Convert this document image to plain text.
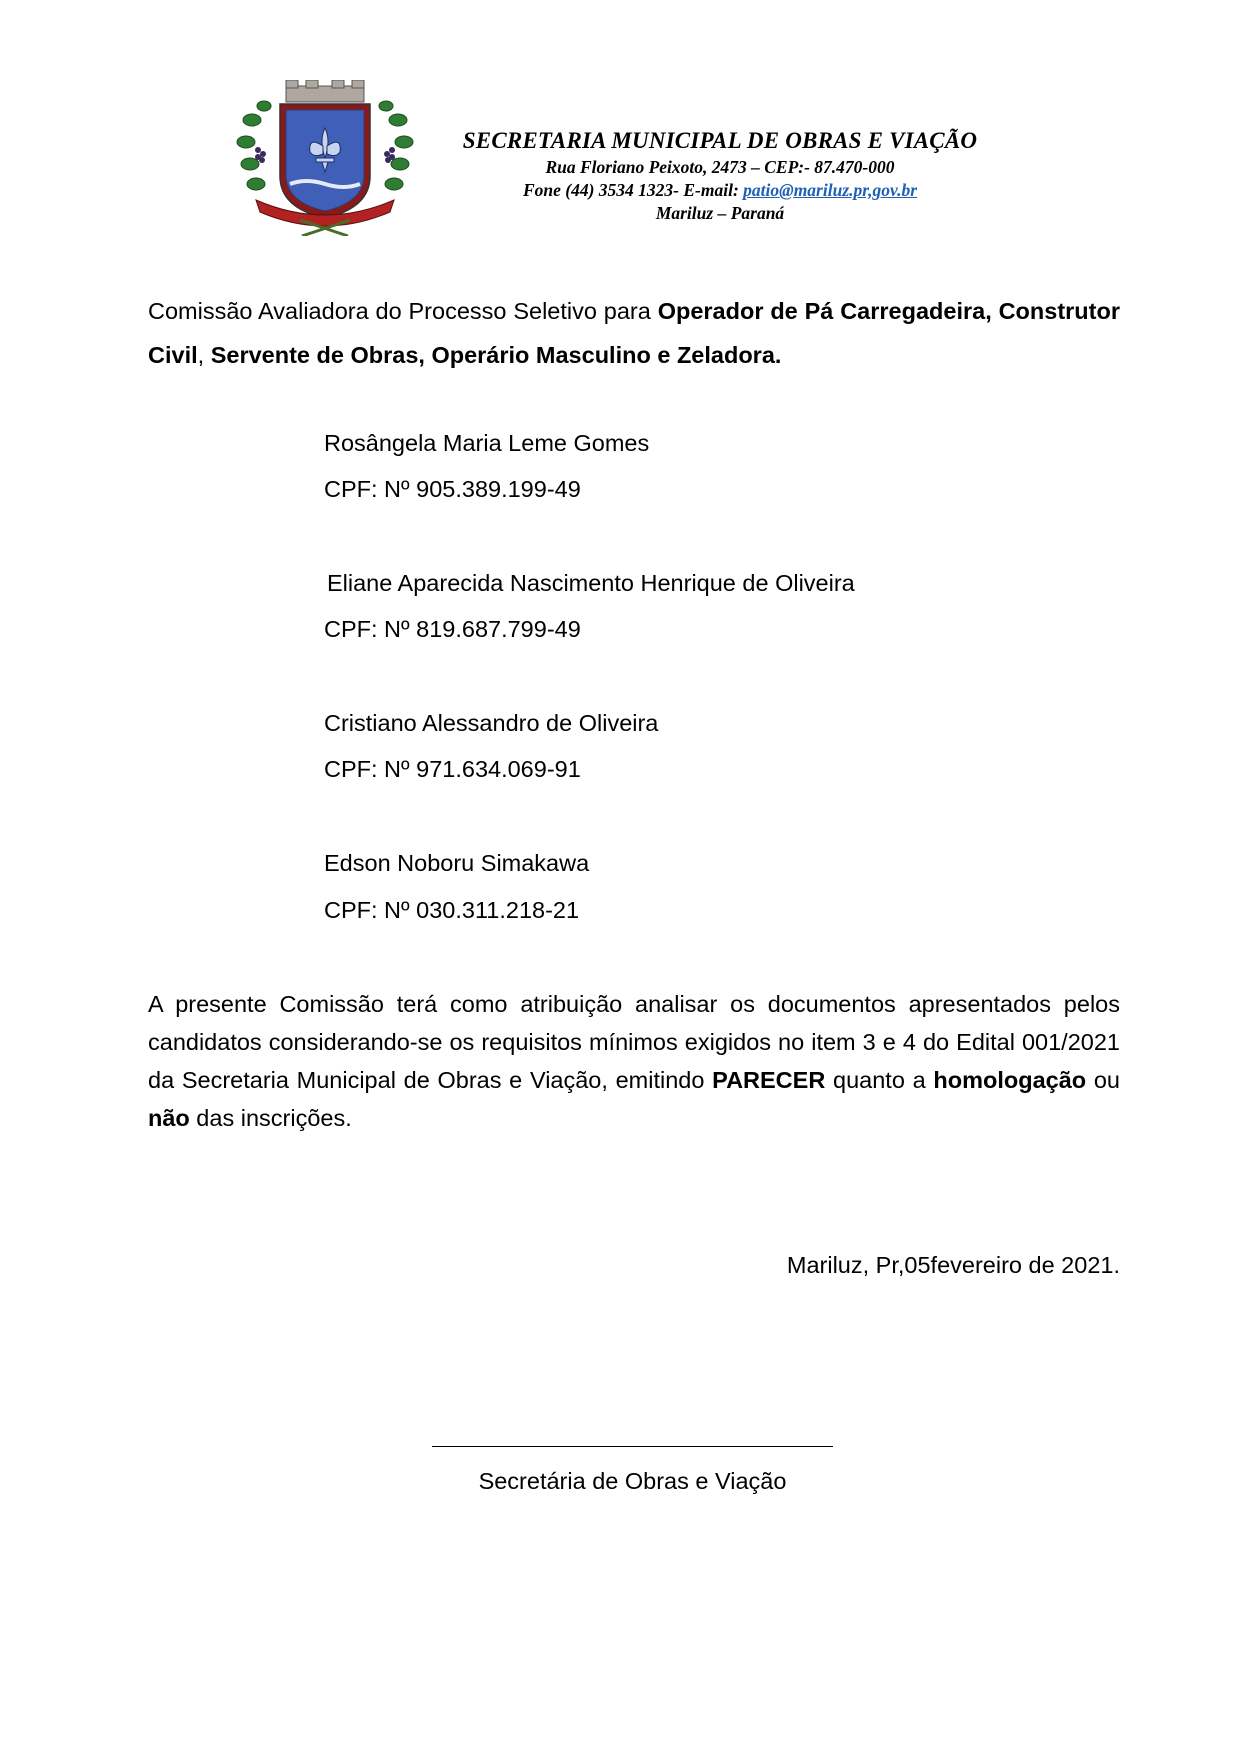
SECRETARIA MUNICIPAL DE OBRAS E VIAÇÃO
Rua Floriano Peixoto, 2473 – CEP:- 87.470-000
Fone (44) 3534 1323- E-mail: patio@mariluz.pr,gov.br
Mariluz – Paraná
Comissão Avaliadora do Processo Seletivo para Operador de Pá Carregadeira, Construtor Civil, Servente de Obras, Operário Masculino e Zeladora.
Rosângela Maria Leme Gomes
CPF: Nº 905.389.199-49
Eliane Aparecida Nascimento Henrique de Oliveira
CPF: Nº 819.687.799-49
Cristiano Alessandro de Oliveira
CPF: Nº 971.634.069-91
Edson Noboru Simakawa
CPF: Nº 030.311.218-21
A presente Comissão terá como atribuição analisar os documentos apresentados pelos candidatos considerando-se os requisitos mínimos exigidos no item 3 e 4 do Edital 001/2021 da Secretaria Municipal de Obras e Viação, emitindo PARECER quanto a homologação ou não das inscrições.
Mariluz, Pr,05fevereiro de 2021.
Secretária de Obras e Viação
